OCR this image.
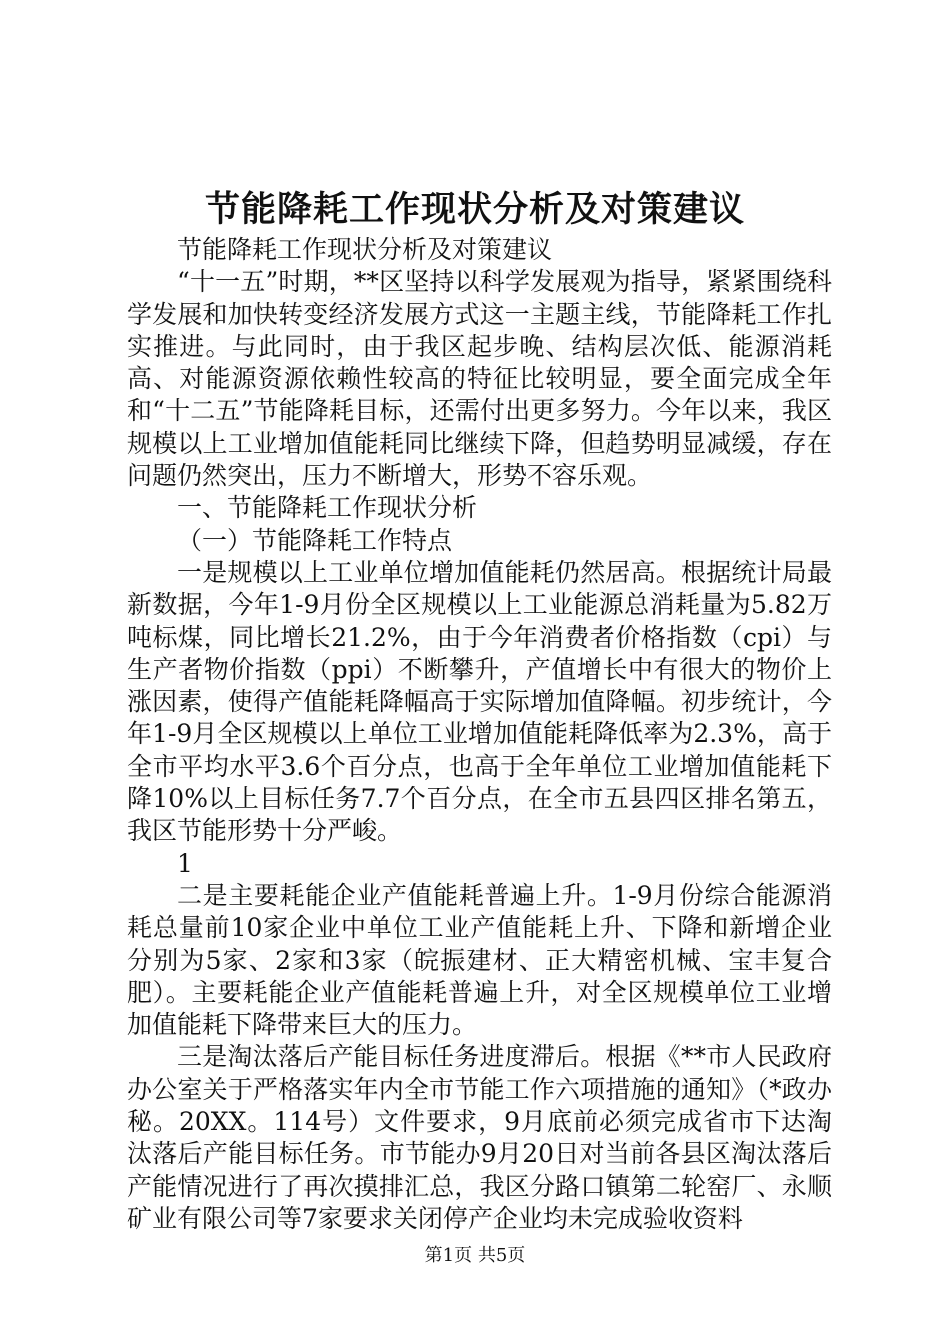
节能降耗工作现状分析及对策建议

节能降耗工作现状分析及对策建议

“十一五”时期，**区坚持以科学发展观为指导，紧紧围绕科学发展和加快转变经济发展方式这一主题主线，节能降耗工作扎实推进。与此同时，由于我区起步晚、结构层次低、能源消耗高、对能源资源依赖性较高的特征比较明显，要全面完成全年和“十二五”节能降耗目标，还需付出更多努力。今年以来，我区规模以上工业增加值能耗同比继续下降，但趋势明显减缓，存在问题仍然突出，压力不断增大，形势不容乐观。

一、节能降耗工作现状分析

（一）节能降耗工作特点

一是规模以上工业单位增加值能耗仍然居高。根据统计局最新数据，今年1-9月份全区规模以上工业能源总消耗量为5.82万吨标煤，同比增长21.2%，由于今年消费者价格指数（cpi）与生产者物价指数（ppi）不断攀升，产值增长中有很大的物价上涨因素，使得产值能耗降幅高于实际增加值降幅。初步统计，今年1-9月全区规模以上单位工业增加值能耗降低率为2.3%，高于全市平均水平3.6个百分点，也高于全年单位工业增加值能耗下降10%以上目标任务7.7个百分点，在全市五县四区排名第五，我区节能形势十分严峻。

1

二是主要耗能企业产值能耗普遍上升。1-9月份综合能源消耗总量前10家企业中单位工业产值能耗上升、下降和新增企业分别为5家、2家和3家（皖振建材、正大精密机械、宝丰复合肥）。主要耗能企业产值能耗普遍上升，对全区规模单位工业增加值能耗下降带来巨大的压力。

三是淘汰落后产能目标任务进度滞后。根据《**市人民政府办公室关于严格落实年内全市节能工作六项措施的通知》（*政办秘。20XX。114号）文件要求，9月底前必须完成省市下达淘汰落后产能目标任务。市节能办9月20日对当前各县区淘汰落后产能情况进行了再次摸排汇总，我区分路口镇第二轮窑厂、永顺矿业有限公司等7家要求关闭停产企业均未完成验收资料

第1页 共5页
